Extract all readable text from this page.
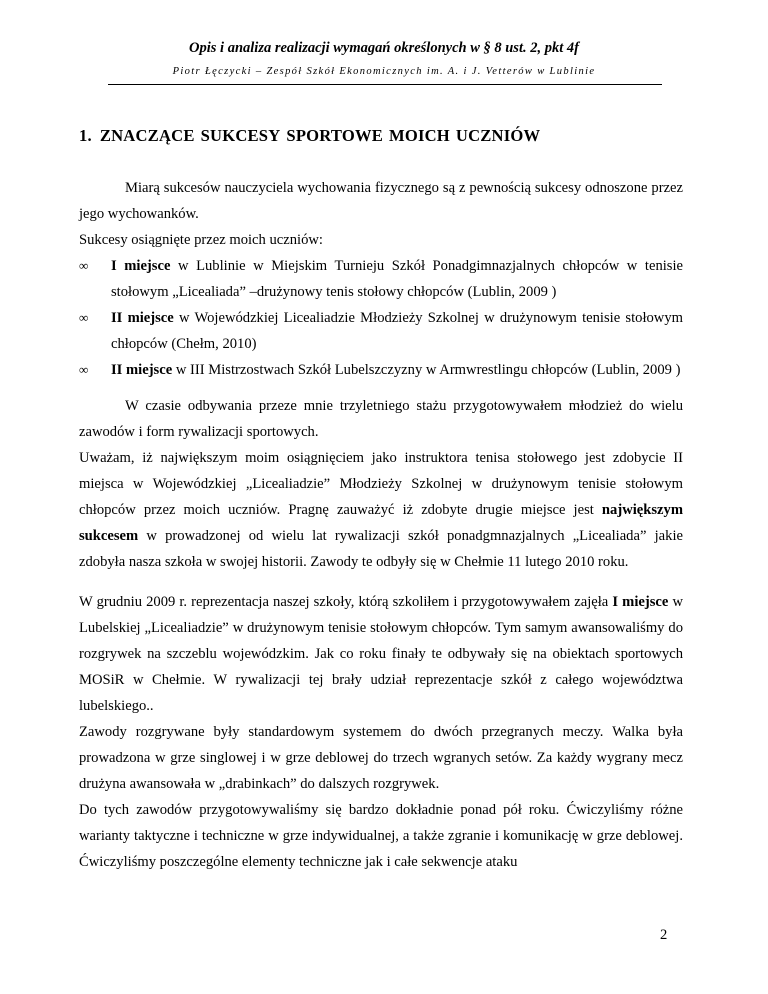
Opis i analiza realizacji wymagań określonych w § 8 ust. 2, pkt 4f
Piotr Łęczycki – Zespół Szkół Ekonomicznych im. A. i J. Vetterów w Lublinie
1. ZNACZĄCE SUKCESY SPORTOWE MOICH UCZNIÓW

Miarą sukcesów nauczyciela wychowania fizycznego są z pewnością sukcesy odnoszone przez jego wychowanków.

Sukcesy osiągnięte przez moich uczniów:

∞ I miejsce w Lublinie w Miejskim Turnieju Szkół Ponadgimnazjalnych chłopców w tenisie stołowym „Licealiada” –drużynowy tenis stołowy chłopców (Lublin, 2009 )
∞ II miejsce w Wojewódzkiej Licealiadzie Młodzieży Szkolnej w drużynowym tenisie stołowym chłopców (Chełm, 2010)
∞ II miejsce w III Mistrzostwach Szkół Lubelszczyzny w Armwrestlingu chłopców (Lublin, 2009 )

W czasie odbywania przeze mnie trzyletniego stażu przygotowywałem młodzież do wielu zawodów i form rywalizacji sportowych.

Uważam, iż największym moim osiągnięciem jako instruktora tenisa stołowego jest zdobycie II miejsca w Wojewódzkiej „Licealiadzie” Młodzieży Szkolnej w drużynowym tenisie stołowym chłopców przez moich uczniów. Pragnę zauważyć iż zdobyte drugie miejsce jest największym sukcesem w prowadzonej od wielu lat rywalizacji szkół ponadgmnazjalnych „Licealiada” jakie zdobyła nasza szkoła w swojej historii. Zawody te odbyły się w Chełmie 11 lutego 2010 roku.

W grudniu 2009 r. reprezentacja naszej szkoły, którą szkoliłem i przygotowywałem zajęła I miejsce w Lubelskiej „Licealiadzie” w drużynowym tenisie stołowym chłopców. Tym samym awansowaliśmy do rozgrywek na szczeblu wojewódzkim. Jak co roku finały te odbywały się na obiektach sportowych MOSiR w Chełmie. W rywalizacji tej brały udział reprezentacje szkół z całego województwa lubelskiego..

Zawody rozgrywane były standardowym systemem do dwóch przegranych meczy. Walka była prowadzona w grze singlowej i w grze deblowej do trzech wgranych setów. Za każdy wygrany mecz drużyna awansowała w „drabinkach” do dalszych rozgrywek.

Do tych zawodów przygotowywaliśmy się bardzo dokładnie ponad pół roku. Ćwiczyliśmy różne warianty taktyczne i techniczne w grze indywidualnej, a także zgranie i komunikację w grze deblowej. Ćwiczyliśmy poszczególne elementy techniczne jak i całe sekwencje ataku

2
